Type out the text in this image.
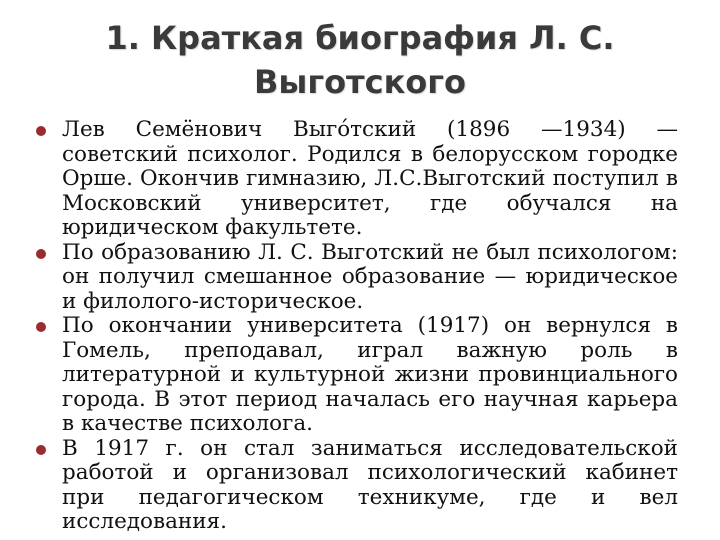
1. Краткая биография Л. С. Выготского
Лев Семёнович Выго́тский (1896 —1934) — советский психолог. Родился в белорусском городке Орше. Окончив гимназию, Л.С.Выготский поступил в Московский университет, где обучался на юридическом факультете.
По образованию Л. С. Выготский не был психологом: он получил смешанное образование — юридическое и филолого-историческое.
По окончании университета (1917) он вернулся в Гомель, преподавал, играл важную роль в литературной и культурной жизни провинциального города. В этот период началась его научная карьера в качестве психолога.
В 1917 г. он стал заниматься исследовательской работой и организовал психологический кабинет при педагогическом техникуме, где и вел исследования.
